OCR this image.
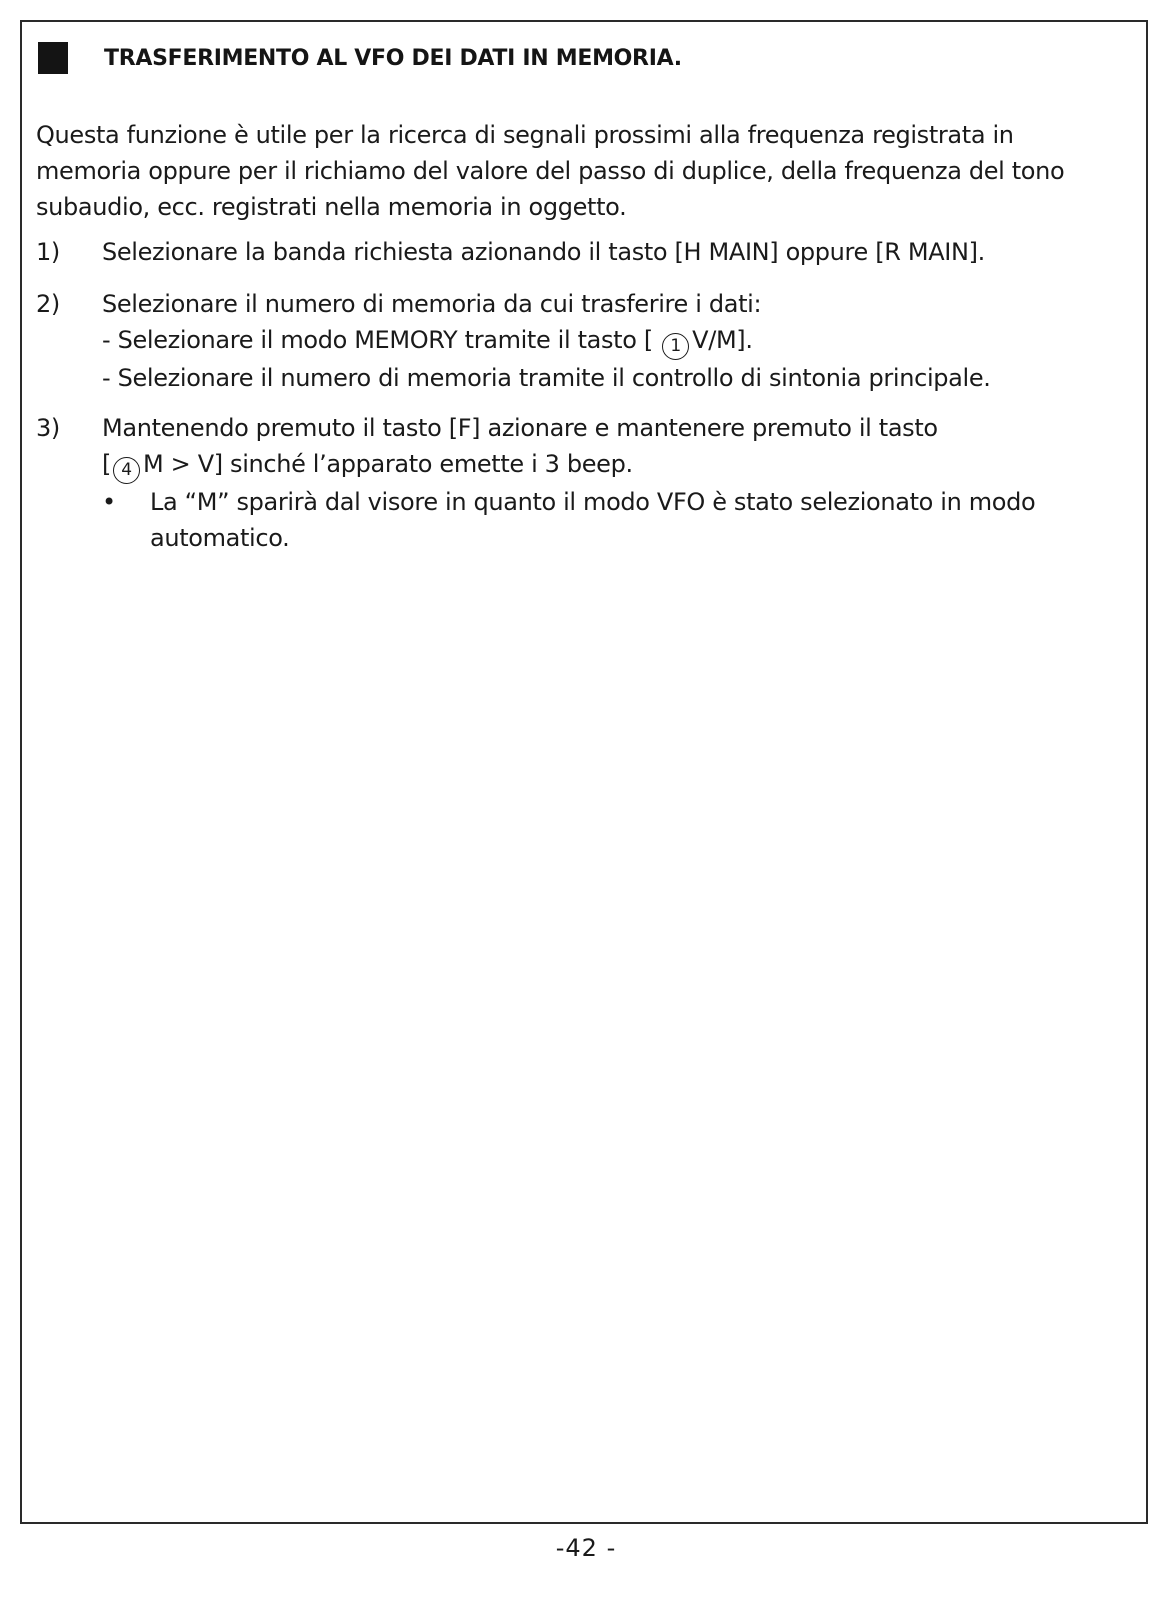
TRASFERIMENTO AL VFO DEI DATI IN MEMORIA.

Questa funzione è utile per la ricerca di segnali prossimi alla frequenza registrata in memoria oppure per il richiamo del valore del passo di duplice, della frequenza del tono subaudio, ecc. registrati nella memoria in oggetto.

1) Selezionare la banda richiesta azionando il tasto [H MAIN] oppure [R MAIN].
2) Selezionare il numero di memoria da cui trasferire i dati:
- Selezionare il modo MEMORY tramite il tasto [ 1 V/M].
- Selezionare il numero di memoria tramite il controllo di sintonia principale.
3) Mantenendo premuto il tasto [F] azionare e mantenere premuto il tasto
[ 4 M > V] sinché l’apparato emette i 3 beep.
• La “M” sparirà dal visore in quanto il modo VFO è stato selezionato in modo automatico.
-42 -
